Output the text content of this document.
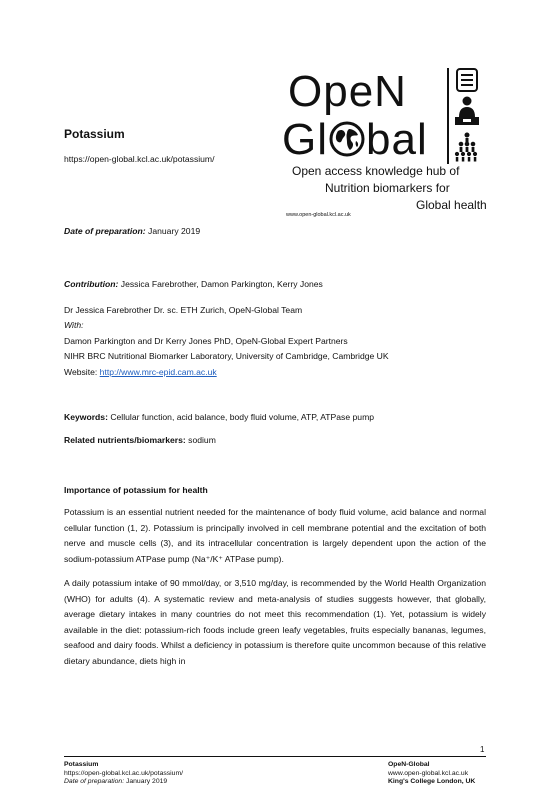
OpeN
Gl bal
Open access knowledge hub of
Nutrition biomarkers for
Global health
www.open-global.kcl.ac.uk
Potassium
https://open-global.kcl.ac.uk/potassium/
Date of preparation: January 2019
Contribution: Jessica Farebrother, Damon Parkington, Kerry Jones
Dr Jessica Farebrother Dr. sc. ETH Zurich, OpeN-Global Team
With:
Damon Parkington and Dr Kerry Jones PhD, OpeN-Global Expert Partners
NIHR BRC Nutritional Biomarker Laboratory, University of Cambridge, Cambridge UK
Website: http://www.mrc-epid.cam.ac.uk
Keywords: Cellular function, acid balance, body fluid volume, ATP, ATPase pump
Related nutrients/biomarkers: sodium
Importance of potassium for health
Potassium is an essential nutrient needed for the maintenance of body fluid volume, acid balance and normal cellular function (1, 2). Potassium is principally involved in cell membrane potential and the excitation of both nerve and muscle cells (3), and its intracellular concentration is largely dependent upon the action of the sodium-potassium ATPase pump (Na⁺/K⁺ ATPase pump).
A daily potassium intake of 90 mmol/day, or 3,510 mg/day, is recommended by the World Health Organization (WHO) for adults (4). A systematic review and meta-analysis of studies suggests however, that globally, average dietary intakes in many countries do not meet this recommendation (1). Yet, potassium is widely available in the diet: potassium-rich foods include green leafy vegetables, fruits especially bananas, legumes, seafood and dairy foods. Whilst a deficiency in potassium is therefore quite uncommon because of this relative dietary abundance, diets high in
1
Potassium
https://open-global.kcl.ac.uk/potassium/
Date of preparation: January 2019
OpeN-Global
www.open-global.kcl.ac.uk
King's College London, UK
